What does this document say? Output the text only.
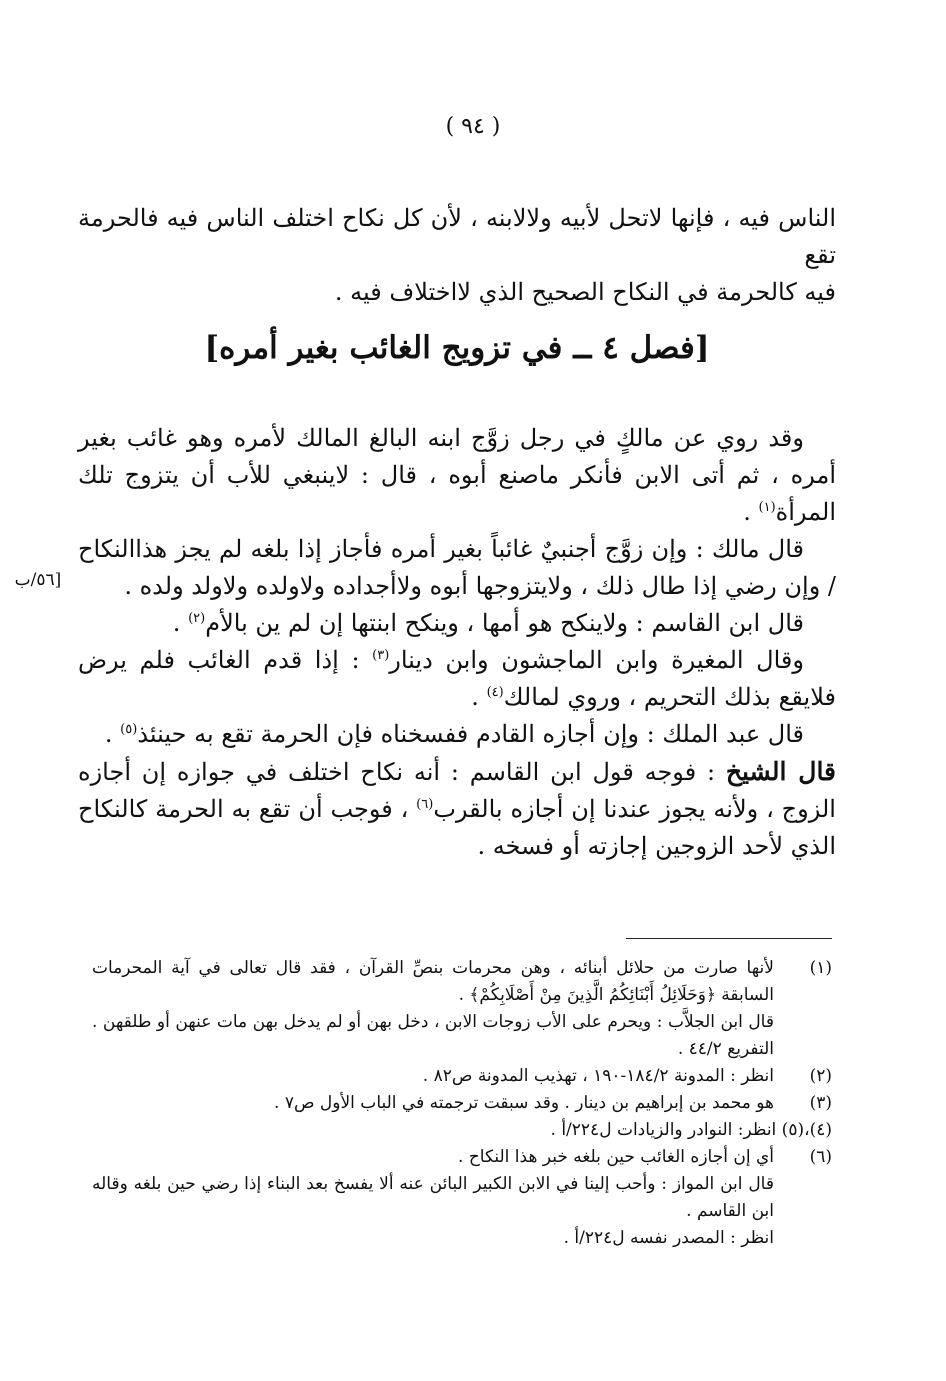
( ٩٤ )

الناس فيه ، فإنها لاتحل لأبيه ولالابنه ، لأن كل نكاح اختلف الناس فيه فالحرمة تقع

فيه كالحرمة في النكاح الصحيح الذي لااختلاف فيه .

[فصل ٤ ــ في تزويج الغائب بغير أمره]
[٥٦/ب

وقد روي عن مالكٍ في رجل زوَّج ابنه البالغ المالك لأمره وهو غائب بغير أمره ، ثم أتى الابن فأنكر ماصنع أبوه ، قال : لاينبغي للأب أن يتزوج تلك المرأة$^{(١)}$ .

قال مالك : وإن زوَّج أجنبيٌ غائباً بغير أمره فأجاز إذا بلغه لم يجز هذاالنكاح / وإن رضي إذا طال ذلك ، ولايتزوجها أبوه ولاأجداده ولاولده ولاولد ولده .

قال ابن القاسم : ولاينكح هو أمها ، وينكح ابنتها إن لم ين بالأم$^{(٢)}$ .

وقال المغيرة وابن الماجشون وابن دينار$^{(٣)}$ : إذا قدم الغائب فلم يرض فلايقع بذلك التحريم ، وروي لمالك$^{(٤)}$ .

قال عبد الملك : وإن أجازه القادم ففسخناه فإن الحرمة تقع به حينئذ$^{(٥)}$ .

قال الشيخ : فوجه قول ابن القاسم : أنه نكاح اختلف في جوازه إن أجازه الزوج ، ولأنه يجوز عندنا إن أجازه بالقرب$^{(٦)}$ ، فوجب أن تقع به الحرمة كالنكاح الذي لأحد الزوجين إجازته أو فسخه .

(١)
لأنها صارت من حلائل أبنائه ، وهن محرمات بنصِّ القرآن ، فقد قال تعالى في آية المحرمات السابقة ﴿وَحَلَائِلُ أَبْنَائِكُمُ الَّذِينَ مِنْ أَصْلَابِكُمْ﴾ .
قال ابن الجلاَّب : ويحرم على الأب زوجات الابن ، دخل بهن أو لم يدخل بهن مات عنهن أو طلقهن . التفريع ٤٤/٢ .
(٢)
انظر : المدونة ١٨٤/٢-١٩٠ ، تهذيب المدونة ص٨٢ .
(٣)
هو محمد بن إبراهيم بن دينار . وقد سبقت ترجمته في الباب الأول ص٧ .
(٤)،(٥) انظر: النوادر والزيادات ل٢٢٤/أ .
(٦)
أي إن أجازه الغائب حين بلغه خبر هذا النكاح .
قال ابن المواز : وأحب إلينا في الابن الكبير البائن عنه ألا يفسخ بعد البناء إذا رضي حين بلغه وقاله ابن القاسم .
انظر : المصدر نفسه ل٢٢٤/أ .
